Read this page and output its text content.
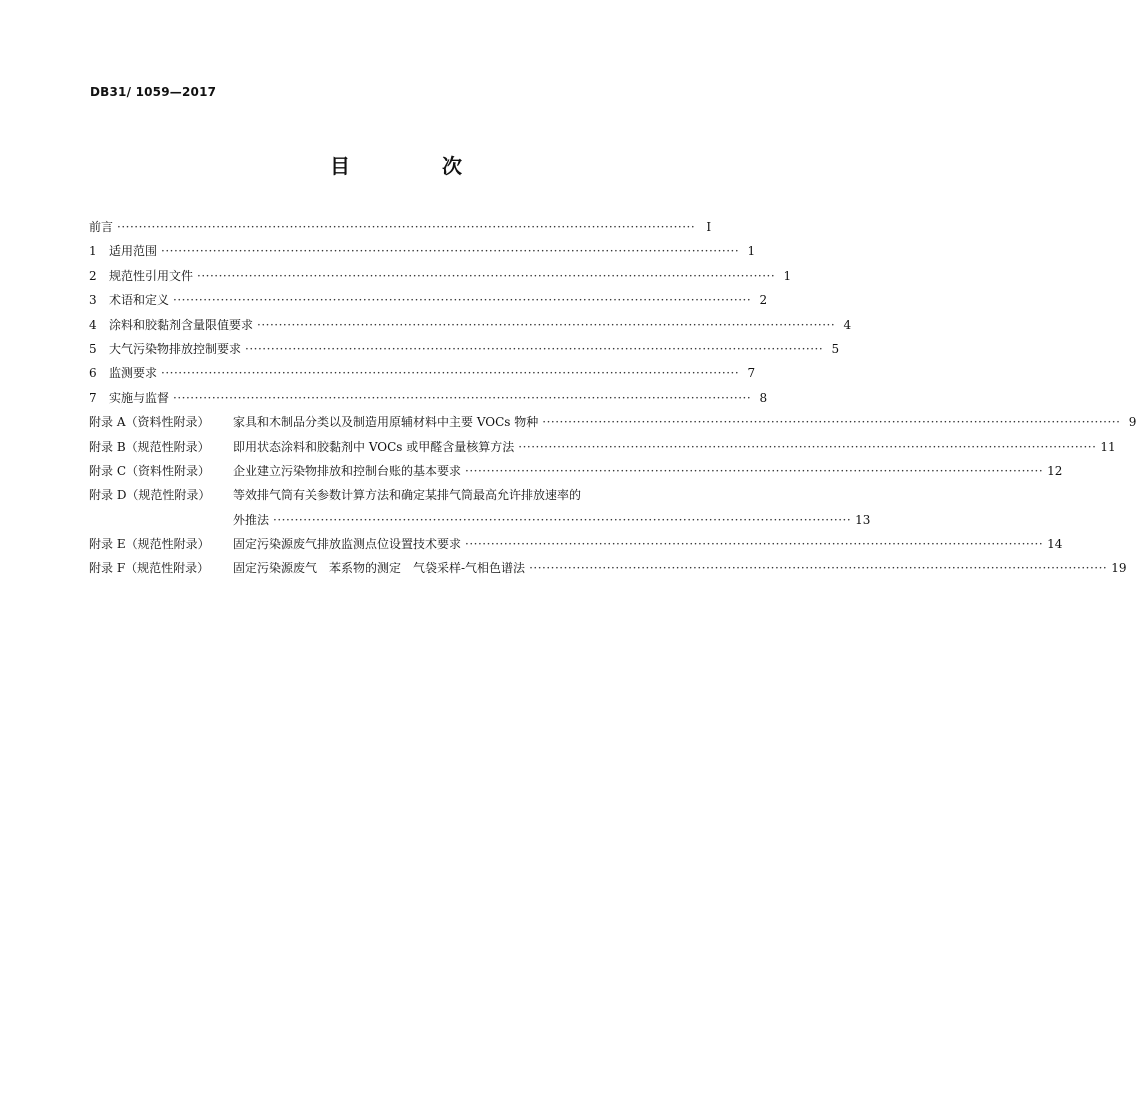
DB31/ 1059—2017
目　次
前言 ······································································································································ Ⅰ
1 适用范围 ······································································································································ 1
2 规范性引用文件 ······································································································································ 1
3 术语和定义 ······································································································································ 2
4 涂料和胶黏剂含量限值要求 ······································································································································ 4
5 大气污染物排放控制要求 ······································································································································ 5
6 监测要求 ······································································································································ 7
7 实施与监督 ······································································································································ 8
附录 A（资料性附录） 家具和木制品分类以及制造用原辅材料中主要 VOCs 物种 ······································································································································ 9
附录 B（规范性附录） 即用状态涂料和胶黏剂中 VOCs 或甲醛含量核算方法 ······································································································································ 11
附录 C（资料性附录） 企业建立污染物排放和控制台账的基本要求 ······································································································································ 12
附录 D（规范性附录） 等效排气筒有关参数计算方法和确定某排气筒最高允许排放速率的
外推法 ······································································································································ 13
附录 E（规范性附录） 固定污染源废气排放监测点位设置技术要求 ······································································································································ 14
附录 F（规范性附录） 固定污染源废气　苯系物的测定　气袋采样-气相色谱法 ······································································································································ 19
